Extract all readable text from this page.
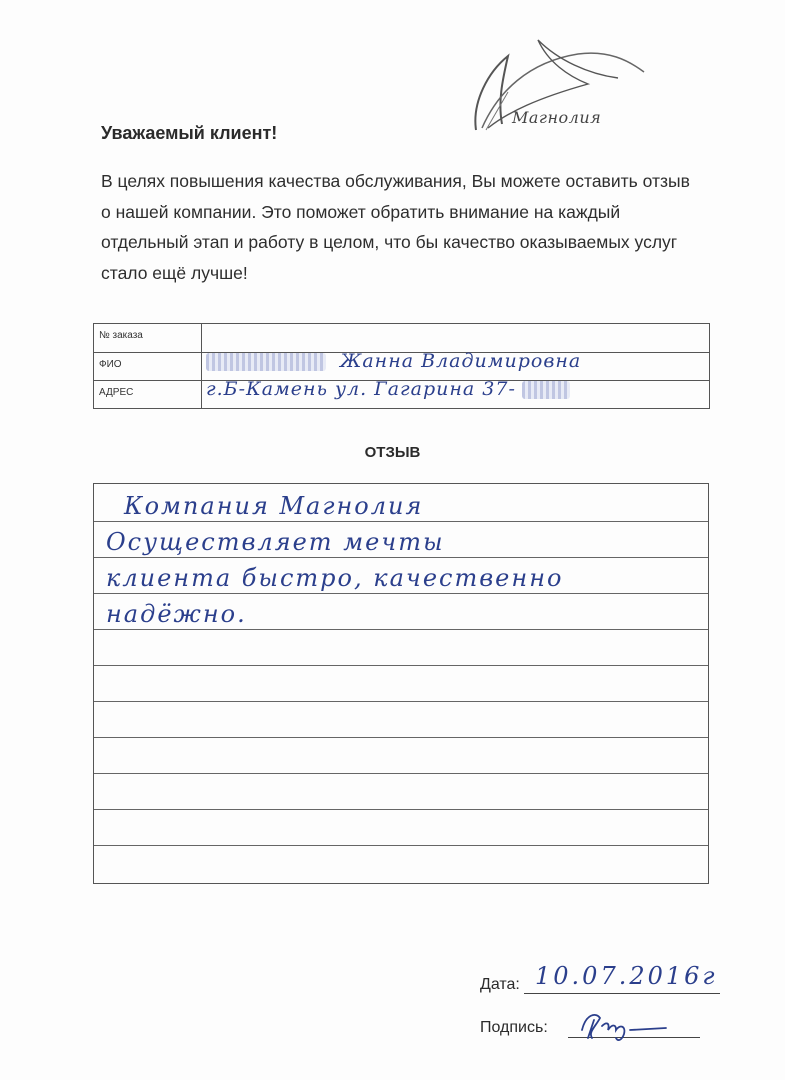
Магнолия
Уважаемый клиент!

В целях повышения качества обслуживания, Вы можете оставить отзыв о нашей компании. Это поможет обратить внимание на каждый отдельный этап и работу в целом, что бы качество оказываемых услуг стало ещё лучше!

№ заказа
ФИО	Жанна Владимировна
АДРЕС	г.Б-Камень ул. Гагарина 37-
ОТЗЫВ
Компания Магнолия
Осуществляет мечты
клиента быстро, качественно
надёжно.
Дата: 10.07.2016г
Подпись:
